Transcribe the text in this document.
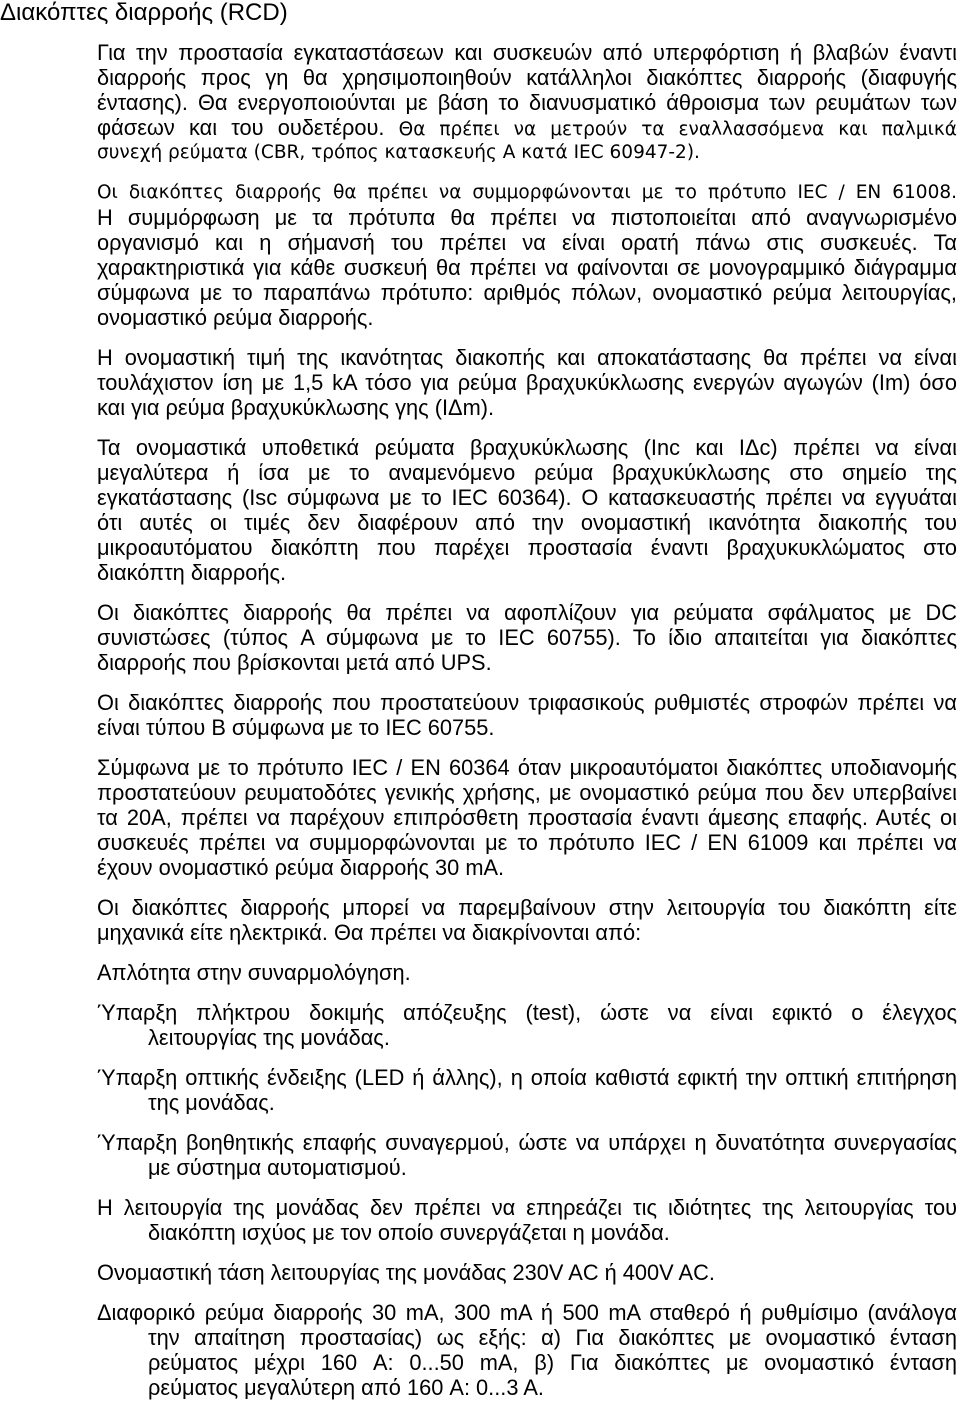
Διακόπτες διαρροής (RCD)
Για την προστασία εγκαταστάσεων και συσκευών από υπερφόρτιση ή βλαβών έναντι
διαρροής προς γη θα χρησιμοποιηθούν κατάλληλοι διακόπτες διαρροής (διαφυγής
έντασης). Θα ενεργοποιούνται με βάση το διανυσματικό άθροισμα των ρευμάτων των
φάσεων και του ουδετέρου. Θα πρέπει να μετρούν τα εναλλασσόμενα και παλμικά
συνεχή ρεύματα (CBR, τρόπος κατασκευής A κατά IEC 60947-2).
Οι διακόπτες διαρροής θα πρέπει να συμμορφώνονται με το πρότυπο IEC / EN 61008.
Η συμμόρφωση με τα πρότυπα θα πρέπει να πιστοποιείται από αναγνωρισμένο
οργανισμό και η σήμανσή του πρέπει να είναι ορατή πάνω στις συσκευές. Τα
χαρακτηριστικά για κάθε συσκευή θα πρέπει να φαίνονται σε μονογραμμικό διάγραμμα
σύμφωνα με το παραπάνω πρότυπο: αριθμός πόλων, ονομαστικό ρεύμα λειτουργίας,
ονομαστικό ρεύμα διαρροής.
Η ονομαστική τιμή της ικανότητας διακοπής και αποκατάστασης θα πρέπει να είναι
τουλάχιστον ίση με 1,5 kA τόσο για ρεύμα βραχυκύκλωσης ενεργών αγωγών (Im) όσο
και για ρεύμα βραχυκύκλωσης γης (IΔm).
Τα ονομαστικά υποθετικά ρεύματα βραχυκύκλωσης (Inc και IΔc) πρέπει να είναι
μεγαλύτερα ή ίσα με το αναμενόμενο ρεύμα βραχυκύκλωσης στο σημείο της
εγκατάστασης (Isc σύμφωνα με το IEC 60364). Ο κατασκευαστής πρέπει να εγγυάται
ότι αυτές οι τιμές δεν διαφέρουν από την ονομαστική ικανότητα διακοπής του
μικροαυτόματου διακόπτη που παρέχει προστασία έναντι βραχυκυκλώματος στο
διακόπτη διαρροής.
Οι διακόπτες διαρροής θα πρέπει να αφοπλίζουν για ρεύματα σφάλματος με DC
συνιστώσες (τύπος A σύμφωνα με το IEC 60755). Το ίδιο απαιτείται για διακόπτες
διαρροής που βρίσκονται μετά από UPS.
Οι διακόπτες διαρροής που προστατεύουν τριφασικούς ρυθμιστές στροφών πρέπει να
είναι τύπου B σύμφωνα με το IEC 60755.
Σύμφωνα με το πρότυπο IEC / EN 60364 όταν μικροαυτόματοι διακόπτες υποδιανομής
προστατεύουν ρευματοδότες γενικής χρήσης, με ονομαστικό ρεύμα που δεν υπερβαίνει
τα 20A, πρέπει να παρέχουν επιπρόσθετη προστασία έναντι άμεσης επαφής. Αυτές οι
συσκευές πρέπει να συμμορφώνονται με το πρότυπο IEC / EN 61009 και πρέπει να
έχουν ονομαστικό ρεύμα διαρροής 30 mA.
Οι διακόπτες διαρροής μπορεί να παρεμβαίνουν στην λειτουργία του διακόπτη είτε
μηχανικά είτε ηλεκτρικά. Θα πρέπει να διακρίνονται από:
Απλότητα στην συναρμολόγηση.
Ύπαρξη πλήκτρου δοκιμής απόζευξης (test), ώστε να είναι εφικτό ο έλεγχος
λειτουργίας της μονάδας.
Ύπαρξη οπτικής ένδειξης (LED ή άλλης), η οποία καθιστά εφικτή την οπτική επιτήρηση
της μονάδας.
Ύπαρξη βοηθητικής επαφής συναγερμού, ώστε να υπάρχει η δυνατότητα συνεργασίας
με σύστημα αυτοματισμού.
Η λειτουργία της μονάδας δεν πρέπει να επηρεάζει τις ιδιότητες της λειτουργίας του
διακόπτη ισχύος με τον οποίο συνεργάζεται η μονάδα.
Ονομαστική τάση λειτουργίας της μονάδας 230V AC ή 400V AC.
Διαφορικό ρεύμα διαρροής 30 mA, 300 mA ή 500 mA σταθερό ή ρυθμίσιμο (ανάλογα
την απαίτηση προστασίας) ως εξής: α) Για διακόπτες με ονομαστικό ένταση
ρεύματος μέχρι 160 A: 0...50 mA, β) Για διακόπτες με ονομαστικό ένταση
ρεύματος μεγαλύτερη από 160 A: 0...3 A.
